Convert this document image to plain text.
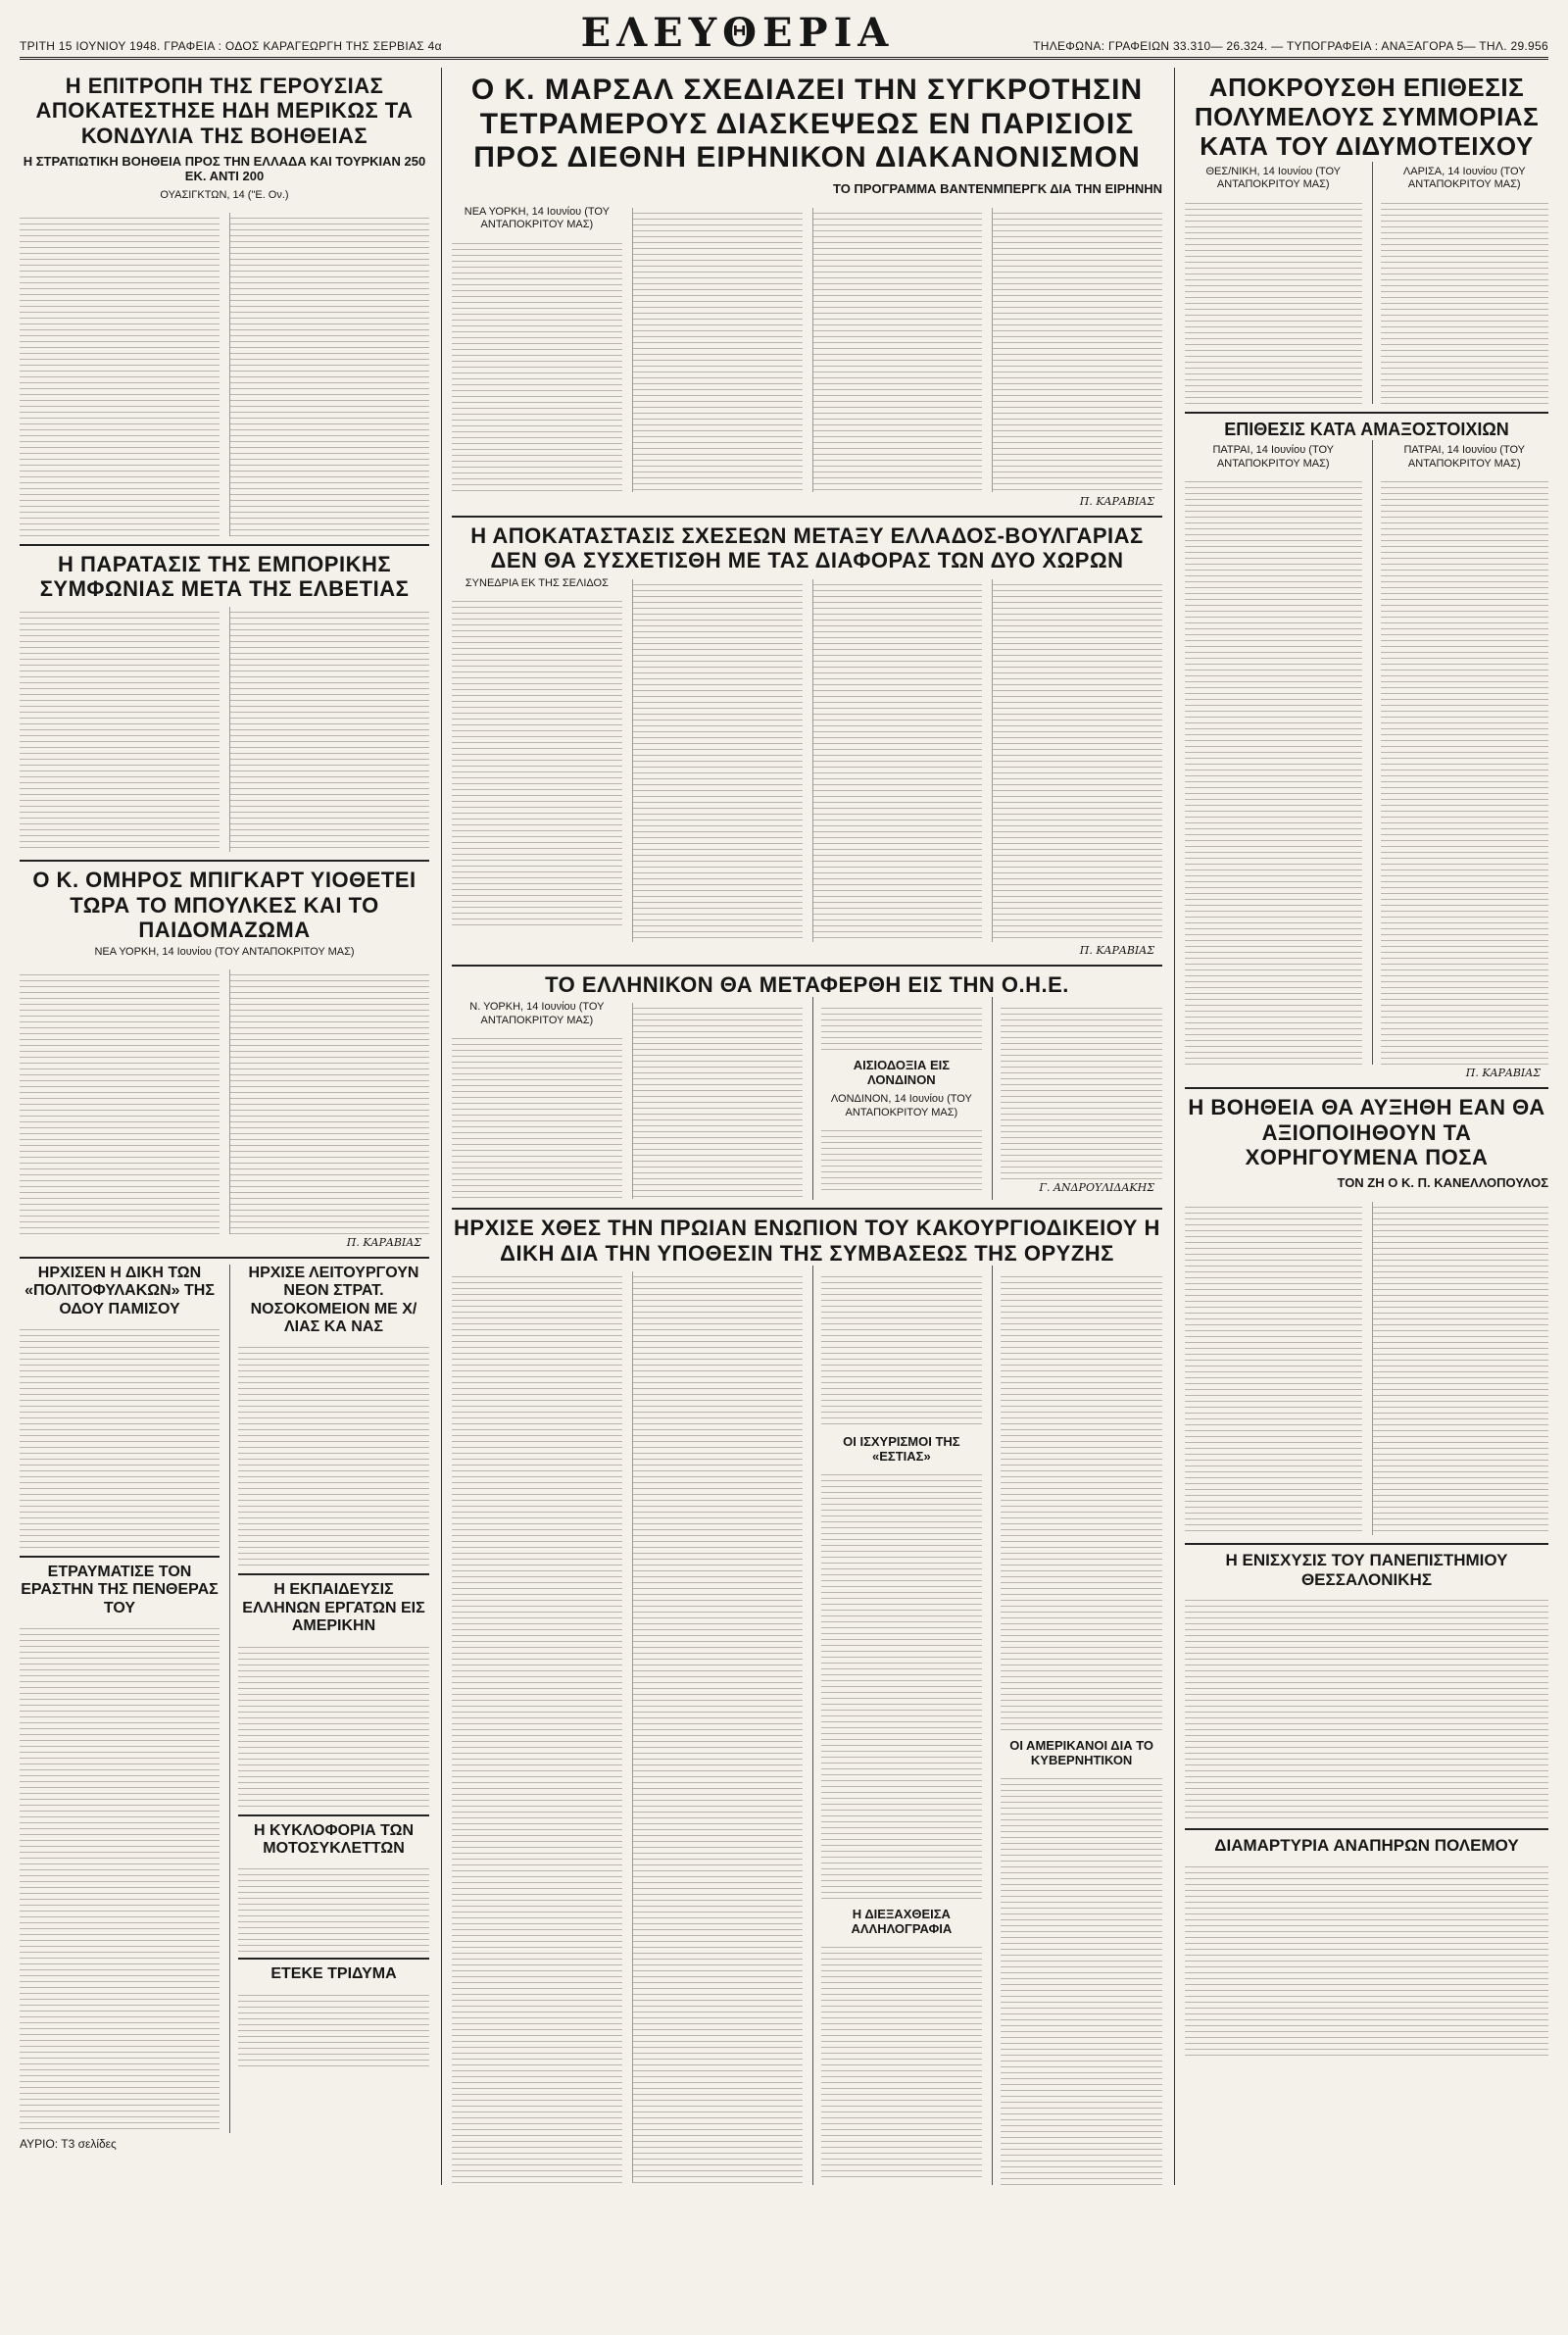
ΤΡΙΤΗ 15 ΙΟΥΝΙΟΥ 1948. ΓΡΑΦΕΙΑ : ΟΔΟΣ ΚΑΡΑΓΕΩΡΓΗ ΤΗΣ ΣΕΡΒΙΑΣ 4α	ΕΛΕΥΘΕΡΙΑ	ΤΗΛΕΦΩΝΑ: ΓΡΑΦΕΙΩΝ 33.310— 26.324. — ΤΥΠΟΓΡΑΦΕΙΑ : ΑΝΑΞΑΓΟΡΑ 5— ΤΗΛ. 29.956
Η ΕΠΙΤΡΟΠΗ ΤΗΣ ΓΕΡΟΥΣΙΑΣ ΑΠΟΚΑΤΕΣΤΗΣΕ ΗΔΗ ΜΕΡΙΚΩΣ ΤΑ ΚΟΝΔΥΛΙΑ ΤΗΣ ΒΟΗΘΕΙΑΣ
Η ΣΤΡΑΤΙΩΤΙΚΗ ΒΟΗΘΕΙΑ ΠΡΟΣ ΤΗΝ ΕΛΛΑΔΑ ΚΑΙ ΤΟΥΡΚΙΑΝ 250 ΕΚ. ΑΝΤΙ 200
ΟΥΑΣΙΓΚΤΩΝ, 14 ("Ε. Ον.)
Η ΠΑΡΑΤΑΣΙΣ ΤΗΣ ΕΜΠΟΡΙΚΗΣ ΣΥΜΦΩΝΙΑΣ ΜΕΤΑ ΤΗΣ ΕΛΒΕΤΙΑΣ
Ο Κ. ΟΜΗΡΟΣ ΜΠΙΓΚΑΡΤ ΥΙΟΘΕΤΕΙ ΤΩΡΑ ΤΟ ΜΠΟΥΛΚΕΣ ΚΑΙ ΤΟ ΠΑΙΔΟΜΑΖΩΜΑ
ΝΕΑ ΥΟΡΚΗ, 14 Ιουνίου (ΤΟΥ ΑΝΤΑΠΟΚΡΙΤΟΥ ΜΑΣ)
Π. ΚΑΡΑΒΙΑΣ
ΗΡΧΙΣΕΝ Η ΔΙΚΗ ΤΩΝ «ΠΟΛΙΤΟΦΥΛΑΚΩΝ» ΤΗΣ ΟΔΟΥ ΠΑΜΙΣΟΥ
ΕΤΡΑΥΜΑΤΙΣΕ ΤΟΝ ΕΡΑΣΤΗΝ ΤΗΣ ΠΕΝΘΕΡΑΣ ΤΟΥ
ΗΡΧΙΣΕ ΛΕΙΤΟΥΡΓΟΥΝ ΝΕΟΝ ΣΤΡΑΤ. ΝΟΣΟΚΟΜΕΙΟΝ ΜΕ Χ/ΛΙΑΣ ΚΑ ΝΑΣ
Η ΕΚΠΑΙΔΕΥΣΙΣ ΕΛΛΗΝΩΝ ΕΡΓΑΤΩΝ ΕΙΣ ΑΜΕΡΙΚΗΝ
Η ΚΥΚΛΟΦΟΡΙΑ ΤΩΝ ΜΟΤΟΣΥΚΛΕΤΤΩΝ
ΕΤΕΚΕ ΤΡΙΔΥΜΑ
ΑΥΡΙΟ: Τ3 σελίδες
Ο Κ. ΜΑΡΣΑΛ ΣΧΕΔΙΑΖΕΙ ΤΗΝ ΣΥΓΚΡΟΤΗΣΙΝ ΤΕΤΡΑΜΕΡΟΥΣ ΔΙΑΣΚΕΨΕΩΣ ΕΝ ΠΑΡΙΣΙΟΙΣ ΠΡΟΣ ΔΙΕΘΝΗ ΕΙΡΗΝΙΚΟΝ ΔΙΑΚΑΝΟΝΙΣΜΟΝ
ΤΟ ΠΡΟΓΡΑΜΜΑ ΒΑΝΤΕΝΜΠΕΡΓΚ ΔΙΑ ΤΗΝ ΕΙΡΗΝΗΝ
ΝΕΑ ΥΟΡΚΗ, 14 Ιουνίου (ΤΟΥ ΑΝΤΑΠΟΚΡΙΤΟΥ ΜΑΣ)
Π. ΚΑΡΑΒΙΑΣ
Η ΑΠΟΚΑΤΑΣΤΑΣΙΣ ΣΧΕΣΕΩΝ ΜΕΤΑΞΥ ΕΛΛΑΔΟΣ-ΒΟΥΛΓΑΡΙΑΣ ΔΕΝ ΘΑ ΣΥΣΧΕΤΙΣΘΗ ΜΕ ΤΑΣ ΔΙΑΦΟΡΑΣ ΤΩΝ ΔΥΟ ΧΩΡΩΝ
ΣΥΝΕΔΡΙΑ ΕΚ ΤΗΣ ΣΕΛΙΔΟΣ
Π. ΚΑΡΑΒΙΑΣ
ΤΟ ΕΛΛΗΝΙΚΟΝ ΘΑ ΜΕΤΑΦΕΡΘΗ ΕΙΣ ΤΗΝ Ο.Η.Ε.
Ν. ΥΟΡΚΗ, 14 Ιουνίου (ΤΟΥ ΑΝΤΑΠΟΚΡΙΤΟΥ ΜΑΣ)
ΑΙΣΙΟΔΟΞΙΑ ΕΙΣ ΛΟΝΔΙΝΟΝ
ΛΟΝΔΙΝΟΝ, 14 Ιουνίου (ΤΟΥ ΑΝΤΑΠΟΚΡΙΤΟΥ ΜΑΣ)
Γ. ΑΝΔΡΟΥΛΙΔΑΚΗΣ
ΗΡΧΙΣΕ ΧΘΕΣ ΤΗΝ ΠΡΩΙΑΝ ΕΝΩΠΙΟΝ ΤΟΥ ΚΑΚΟΥΡΓΙΟΔΙΚΕΙΟΥ Η ΔΙΚΗ ΔΙΑ ΤΗΝ ΥΠΟΘΕΣΙΝ ΤΗΣ ΣΥΜΒΑΣΕΩΣ ΤΗΣ ΟΡΥΖΗΣ
ΟΙ ΙΣΧΥΡΙΣΜΟΙ ΤΗΣ «ΕΣΤΙΑΣ»
Η ΔΙΕΞΑΧΘΕΙΣΑ ΑΛΛΗΛΟΓΡΑΦΙΑ
ΟΙ ΑΜΕΡΙΚΑΝΟΙ ΔΙΑ ΤΟ ΚΥΒΕΡΝΗΤΙΚΟΝ
ΑΠΟΚΡΟΥΣΘΗ ΕΠΙΘΕΣΙΣ ΠΟΛΥΜΕΛΟΥΣ ΣΥΜΜΟΡΙΑΣ ΚΑΤΑ ΤΟΥ ΔΙΔΥΜΟΤΕΙΧΟΥ
ΘΕΣ/ΝΙΚΗ, 14 Ιουνίου (ΤΟΥ ΑΝΤΑΠΟΚΡΙΤΟΥ ΜΑΣ)
ΛΑΡΙΣΑ, 14 Ιουνίου (ΤΟΥ ΑΝΤΑΠΟΚΡΙΤΟΥ ΜΑΣ)
ΕΠΙΘΕΣΙΣ ΚΑΤΑ ΑΜΑΞΟΣΤΟΙΧΙΩΝ
ΠΑΤΡΑΙ, 14 Ιουνίου (ΤΟΥ ΑΝΤΑΠΟΚΡΙΤΟΥ ΜΑΣ)
ΠΑΤΡΑΙ, 14 Ιουνίου (ΤΟΥ ΑΝΤΑΠΟΚΡΙΤΟΥ ΜΑΣ)
Π. ΚΑΡΑΒΙΑΣ
Η ΒΟΗΘΕΙΑ ΘΑ ΑΥΞΗΘΗ ΕΑΝ ΘΑ ΑΞΙΟΠΟΙΗΘΟΥΝ ΤΑ ΧΟΡΗΓΟΥΜΕΝΑ ΠΟΣΑ
ΤΟΝ ΖΗ Ο Κ. Π. ΚΑΝΕΛΛΟΠΟΥΛΟΣ
Η ΕΝΙΣΧΥΣΙΣ ΤΟΥ ΠΑΝΕΠΙΣΤΗΜΙΟΥ ΘΕΣΣΑΛΟΝΙΚΗΣ
ΔΙΑΜΑΡΤΥΡΙΑ ΑΝΑΠΗΡΩΝ ΠΟΛΕΜΟΥ
